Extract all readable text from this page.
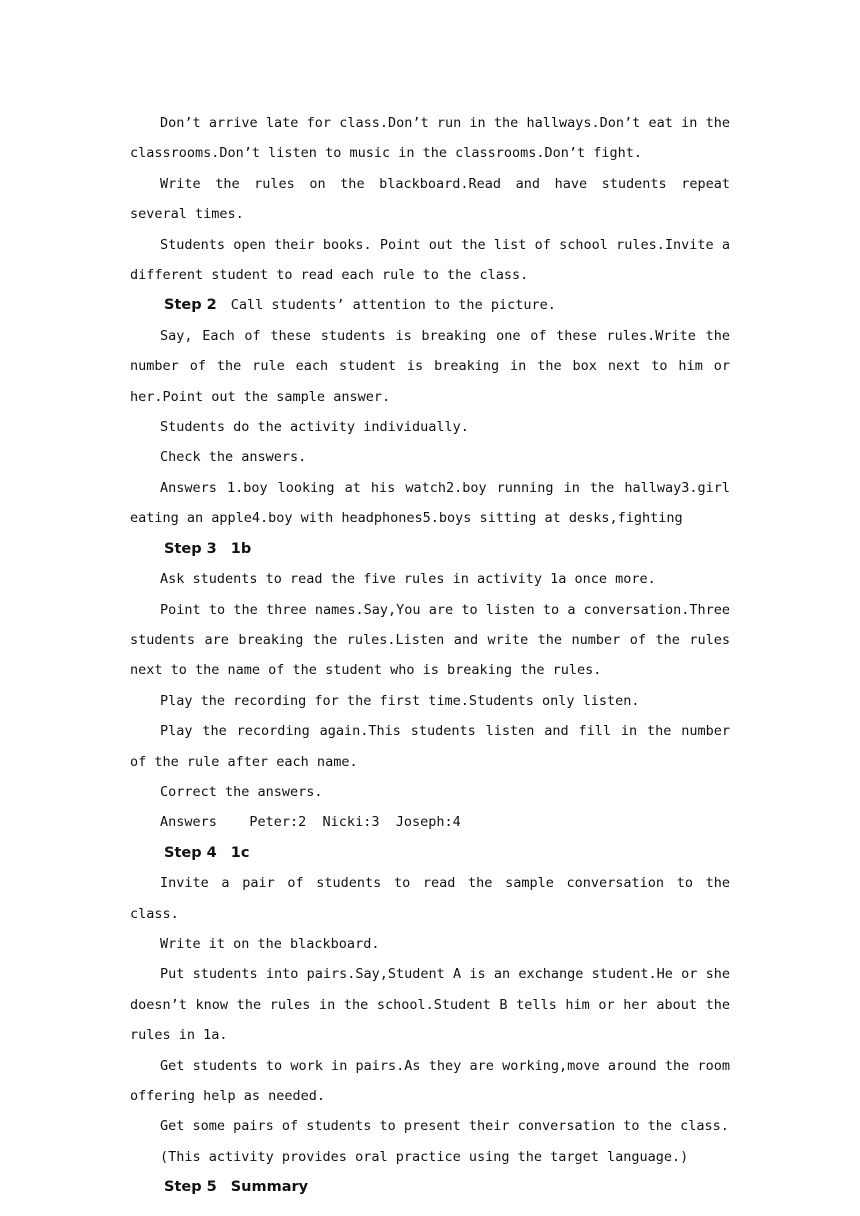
Don’t arrive late for class.Don’t run in the hallways.Don’t eat in the classrooms.Don’t listen to music in the classrooms.Don’t fight.

Write the rules on the blackboard.Read and have students repeat several times.

Students open their books. Point out the list of school rules.Invite a different student to read each rule to the class.

Step 2 Call students’ attention to the picture.

Say, Each of these students is breaking one of these rules.Write the number of the rule each student is breaking in the box next to him or her.Point out the sample answer.

Students do the activity individually.

Check the answers.

Answers 1.boy looking at his watch2.boy running in the hallway3.girl eating an apple4.boy with headphones5.boys sitting at desks,fighting

Step 3 1b

Ask students to read the five rules in activity 1a once more.

Point to the three names.Say,You are to listen to a conversation.Three students are breaking the rules.Listen and write the number of the rules next to the name of the student who is breaking the rules.

Play the recording for the first time.Students only listen.

Play the recording again.This students listen and fill in the number of the rule after each name.

Correct the answers.

Answers    Peter:2  Nicki:3  Joseph:4

Step 4 1c

Invite a pair of students to read the sample conversation to the class.

Write it on the blackboard.

Put students into pairs.Say,Student A is an exchange student.He or she doesn’t know the rules in the school.Student B tells him or her about the rules in 1a.

Get students to work in pairs.As they are working,move around the room offering help as needed.

Get some pairs of students to present their conversation to the class.

(This activity provides oral practice using the target language.)

Step 5 Summary
